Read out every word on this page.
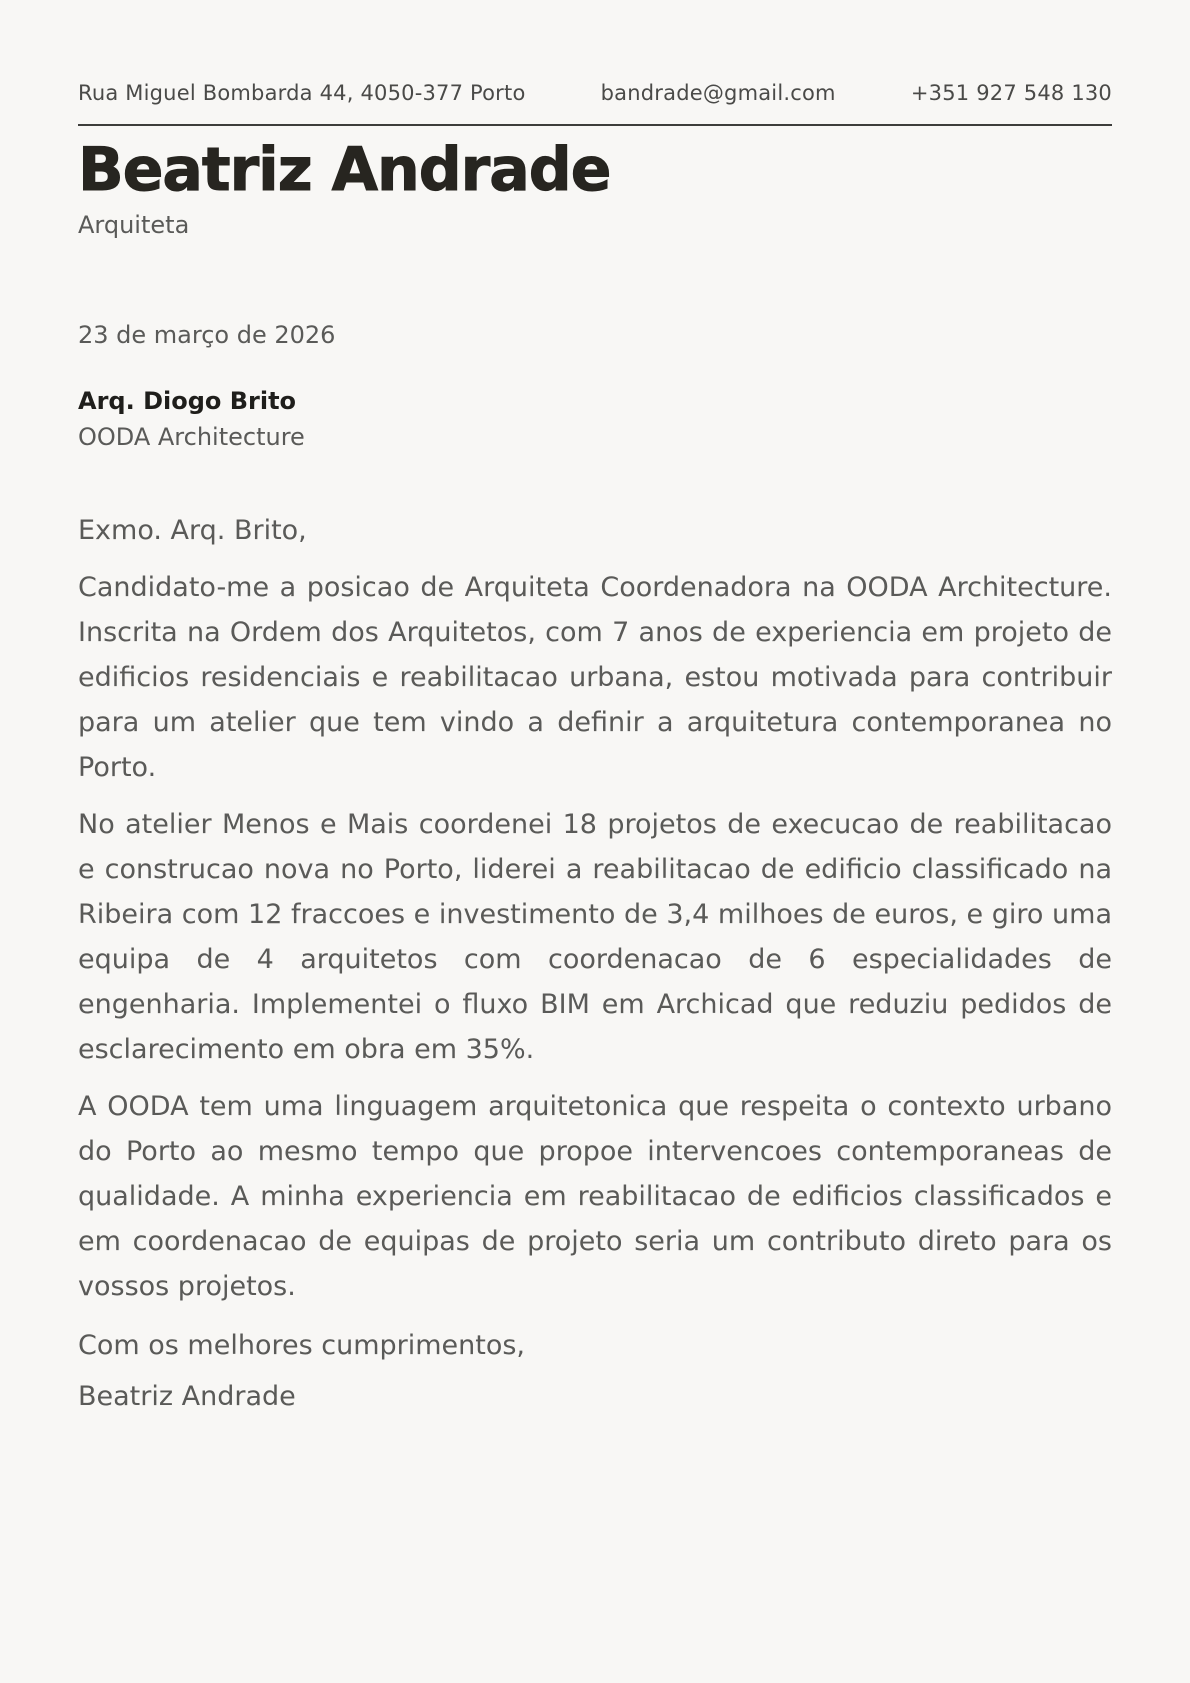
Rua Miguel Bombarda 44, 4050-377 Porto	bandrade@gmail.com	+351 927 548 130
Beatriz Andrade
Arquiteta
23 de março de 2026
Arq. Diogo Brito
OODA Architecture
Exmo. Arq. Brito,

Candidato-me a posicao de Arquiteta Coordenadora na OODA Architecture. Inscrita na Ordem dos Arquitetos, com 7 anos de experiencia em projeto de edificios residenciais e reabilitacao urbana, estou motivada para contribuir para um atelier que tem vindo a definir a arquitetura contemporanea no Porto.

No atelier Menos e Mais coordenei 18 projetos de execucao de reabilitacao e construcao nova no Porto, liderei a reabilitacao de edificio classificado na Ribeira com 12 fraccoes e investimento de 3,4 milhoes de euros, e giro uma equipa de 4 arquitetos com coordenacao de 6 especialidades de engenharia. Implementei o fluxo BIM em Archicad que reduziu pedidos de esclarecimento em obra em 35%.

A OODA tem uma linguagem arquitetonica que respeita o contexto urbano do Porto ao mesmo tempo que propoe intervencoes contemporaneas de qualidade. A minha experiencia em reabilitacao de edificios classificados e em coordenacao de equipas de projeto seria um contributo direto para os vossos projetos.

Com os melhores cumprimentos,
Beatriz Andrade
